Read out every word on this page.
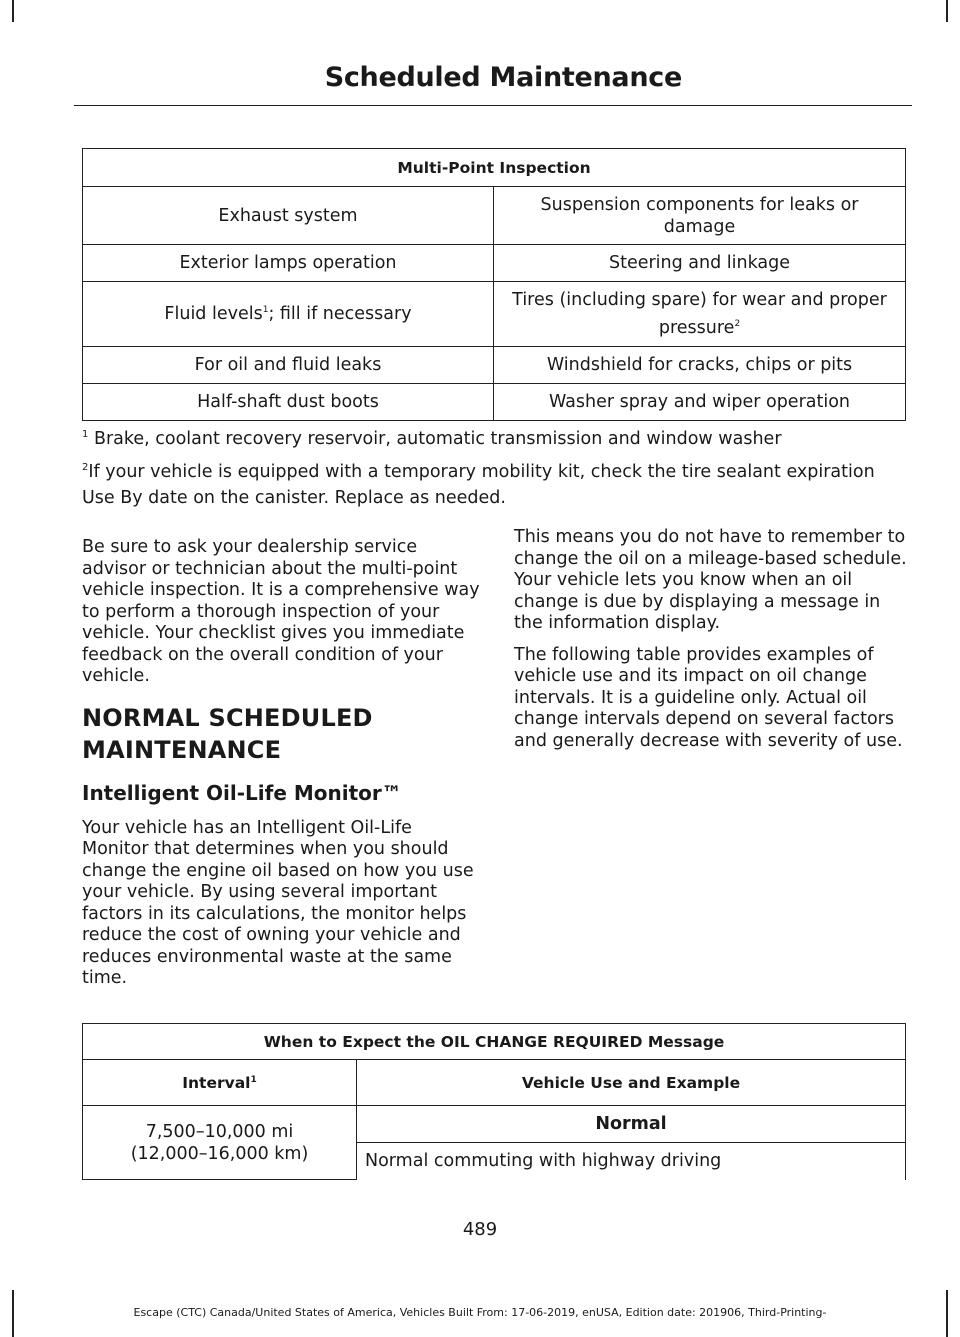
Scheduled Maintenance
Multi-Point Inspection	
Exhaust system	Suspension components for leaks or damage
Exterior lamps operation	Steering and linkage
Fluid levels$^1$; fill if necessary	Tires (including spare) for wear and proper pressure$^2$
For oil and fluid leaks	Windshield for cracks, chips or pits
Half-shaft dust boots	Washer spray and wiper operation
$^1$ Brake, coolant recovery reservoir, automatic transmission and window washer
$^2$If your vehicle is equipped with a temporary mobility kit, check the tire sealant expiration Use By date on the canister. Replace as needed.

Be sure to ask your dealership service advisor or technician about the multi-point vehicle inspection. It is a comprehensive way to perform a thorough inspection of your vehicle. Your checklist gives you immediate feedback on the overall condition of your vehicle.

NORMAL SCHEDULED
MAINTENANCE
Intelligent Oil-Life Monitor™

Your vehicle has an Intelligent Oil-Life Monitor that determines when you should change the engine oil based on how you use your vehicle. By using several important factors in its calculations, the monitor helps reduce the cost of owning your vehicle and reduces environmental waste at the same time.

This means you do not have to remember to change the oil on a mileage-based schedule. Your vehicle lets you know when an oil change is due by displaying a message in the information display.

The following table provides examples of vehicle use and its impact on oil change intervals. It is a guideline only. Actual oil change intervals depend on several factors and generally decrease with severity of use.

When to Expect the OIL CHANGE REQUIRED Message	
Interval$^1$	Vehicle Use and Example

7,500–10,000 mi
(12,000–16,000 km)	Normal
	Normal commuting with highway driving
489
Escape (CTC) Canada/United States of America, Vehicles Built From: 17-06-2019, enUSA, Edition date: 201906, Third-Printing-
